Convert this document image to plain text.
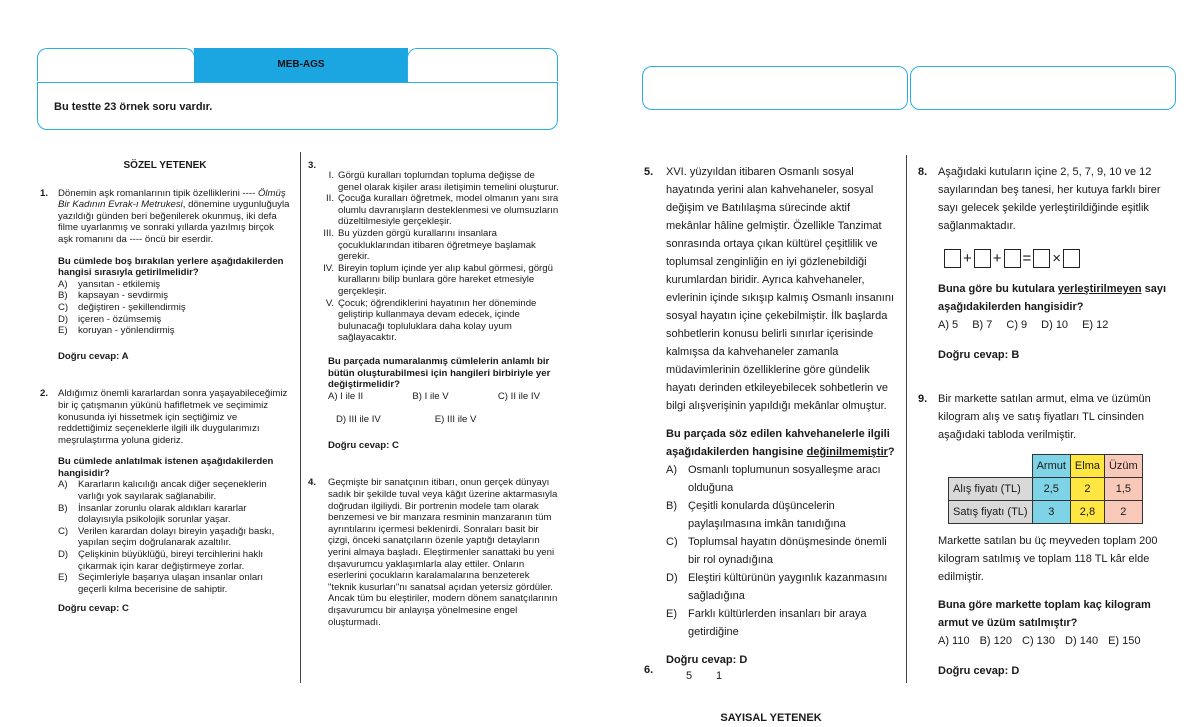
MEB-AGS
Bu testte 23 örnek soru vardır.
SÖZEL YETENEK
1. Dönemin aşk romanlarının tipik özelliklerini ---- Ölmüş Bir Kadının Evrak-ı Metrukesi, dönemine uygunluğuyla yazıldığı günden beri beğenilerek okunmuş, iki defa filme uyarlanmış ve sonraki yıllarda yazılmış birçok aşk romanını da ---- öncü bir eserdir.
Bu cümlede boş bırakılan yerlere aşağıdakilerden hangisi sırasıyla getirilmelidir?
A)	yansıtan - etkilemiş
B)	kapsayan - sevdirmiş
C)	değiştiren - şekillendirmiş
D)	içeren - özümsemiş
E)	koruyan - yönlendirmiş
Doğru cevap: A
2. Aldığımız önemli kararlardan sonra yaşayabileceğimiz bir iç çatışmanın yükünü hafifletmek ve seçimimiz konusunda iyi hissetmek için seçtiğimiz ve reddettiğimiz seçeneklerle ilgili ilk duygularımızı meşrulaştırma yoluna gideriz.
Bu cümlede anlatılmak istenen aşağıdakilerden hangisidir?
A)	Kararların kalıcılığı ancak diğer seçeneklerin varlığı yok sayılarak sağlanabilir.
B)	İnsanlar zorunlu olarak aldıkları kararlar dolayısıyla psikolojik sorunlar yaşar.
C)	Verilen karardan dolayı bireyin yaşadığı baskı, yapılan seçim doğrulanarak azaltılır.
D)	Çelişkinin büyüklüğü, bireyi tercihlerini haklı çıkarmak için karar değiştirmeye zorlar.
E)	Seçimleriyle başarıya ulaşan insanlar onları geçerli kılma becerisine de sahiptir.
Doğru cevap: C
3.
I. Görgü kuralları toplumdan topluma değişse de genel olarak kişiler arası iletişimin temelini oluşturur.
II. Çocuğa kuralları öğretmek, model olmanın yanı sıra olumlu davranışların desteklenmesi ve olumsuzların düzeltilmesiyle gerçekleşir.
III. Bu yüzden görgü kurallarını insanlara çocukluklarından itibaren öğretmeye başlamak gerekir.
IV. Bireyin toplum içinde yer alıp kabul görmesi, görgü kurallarını bilip bunlara göre hareket etmesiyle gerçekleşir.
V. Çocuk; öğrendiklerini hayatının her döneminde geliştirip kullanmaya devam edecek, içinde bulunacağı topluluklara daha kolay uyum sağlayacaktır.
Bu parçada numaralanmış cümlelerin anlamlı bir bütün oluşturabilmesi için hangileri birbiriyle yer değiştirmelidir?
A) I ile II	B) I ile V	C) II ile IV
D) III ile IV	E) III ile V
Doğru cevap: C
4. Geçmişte bir sanatçının itibarı, onun gerçek dünyayı sadık bir şekilde tuval veya kâğıt üzerine aktarmasıyla doğrudan ilgiliydi. Bir portrenin modele tam olarak benzemesi ve bir manzara resminin manzaranın tüm ayrıntılarını içermesi beklenirdi. Sonraları basit bir çizgi, önceki sanatçıların özenle yaptığı detayların yerini almaya başladı. Eleştirmenler sanattaki bu yeni dışavurumcu yaklaşımlarla alay ettiler. Onların eserlerini çocukların karalamalarına benzeterek "teknik kusurları"nı sanatsal açıdan yetersiz gördüler. Ancak tüm bu eleştiriler, modern dönem sanatçılarının dışavurumcu bir anlayışa yönelmesine engel oluşturmadı.
5. XVI. yüzyıldan itibaren Osmanlı sosyal hayatında yerini alan kahvehaneler, sosyal değişim ve Batılılaşma sürecinde aktif mekânlar hâline gelmiştir. Özellikle Tanzimat sonrasında ortaya çıkan kültürel çeşitlilik ve toplumsal zenginliğin en iyi gözlenebildiği kurumlardan biridir. Ayrıca kahvehaneler, evlerinin içinde sıkışıp kalmış Osmanlı insanını sosyal hayatın içine çekebilmiştir. İlk başlarda sohbetlerin konusu belirli sınırlar içerisinde kalmışsa da kahvehaneler zamanla müdavimlerinin özelliklerine göre gündelik hayatı derinden etkileyebilecek sohbetlerin ve bilgi alışverişinin yapıldığı mekânlar olmuştur.
Bu parçada söz edilen kahvehanelerle ilgili aşağıdakilerden hangisine değinilmemiştir?
A)	Osmanlı toplumunun sosyalleşme aracı olduğuna
B)	Çeşitli konularda düşüncelerin paylaşılmasına imkân tanıdığına
C) Toplumsal hayatın dönüşmesinde önemli bir rol oynadığına
D) Eleştiri kültürünün yaygınlık kazanmasını sağladığına
E)	Farklı kültürlerden insanları bir araya getirdiğine
Doğru cevap: D
SAYISAL YETENEK
6.	5 1
8. Aşağıdaki kutuların içine 2, 5, 7, 9, 10 ve 12 sayılarından beş tanesi, her kutuya farklı birer sayı gelecek şekilde yerleştirildiğinde eşitlik sağlanmaktadır.
+ + = ×
Buna göre bu kutulara yerleştirilmeyen sayı aşağıdakilerden hangisidir?
A) 5 B) 7 C) 9 D) 10 E) 12
Doğru cevap: B
9. Bir markette satılan armut, elma ve üzümün kilogram alış ve satış fiyatları TL cinsinden aşağıdaki tabloda verilmiştir.
	Armut	Elma	Üzüm
Alış fiyatı (TL)	2,5	2	1,5
Satış fiyatı (TL)	3	2,8	2
Markette satılan bu üç meyveden toplam 200 kilogram satılmış ve toplam 118 TL kâr elde edilmiştir.
Buna göre markette toplam kaç kilogram armut ve üzüm satılmıştır?
A) 110 B) 120 C) 130 D) 140 E) 150
Doğru cevap: D
